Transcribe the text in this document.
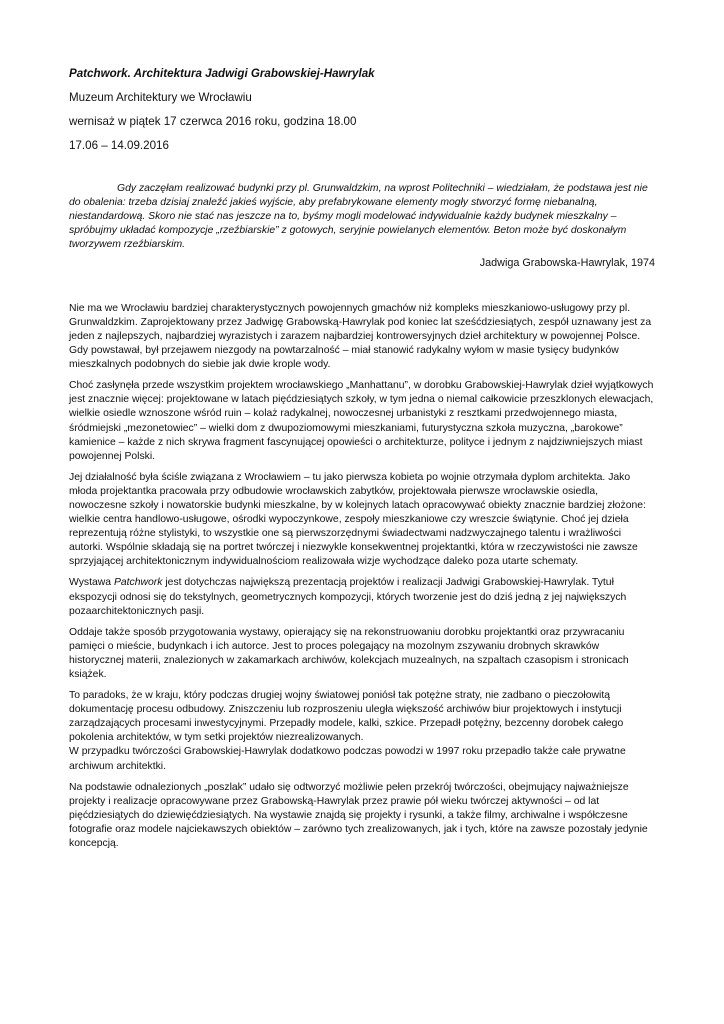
Patchwork. Architektura Jadwigi Grabowskiej-Hawrylak
Muzeum Architektury we Wrocławiu
wernisaż w piątek 17 czerwca 2016 roku, godzina 18.00
17.06 – 14.09.2016

Gdy zaczęłam realizować budynki przy pl. Grunwaldzkim, na wprost Politechniki – wiedziałam, że podstawa jest nie do obalenia: trzeba dzisiaj znaleźć jakieś wyjście, aby prefabrykowane elementy mogły stworzyć formę niebanalną, niestandardową. Skoro nie stać nas jeszcze na to, byśmy mogli modelować indywidualnie każdy budynek mieszkalny – spróbujmy układać kompozycje „rzeźbiarskie” z gotowych, seryjnie powielanych elementów. Beton może być doskonałym tworzywem rzeźbiarskim.

Jadwiga Grabowska-Hawrylak, 1974

Nie ma we Wrocławiu bardziej charakterystycznych powojennych gmachów niż kompleks mieszkaniowo-usługowy przy pl. Grunwaldzkim. Zaprojektowany przez Jadwigę Grabowską-Hawrylak pod koniec lat sześćdziesiątych, zespół uznawany jest za jeden z najlepszych, najbardziej wyrazistych i zarazem najbardziej kontrowersyjnych dzieł architektury w powojennej Polsce. Gdy powstawał, był przejawem niezgody na powtarzalność – miał stanowić radykalny wyłom w masie tysięcy budynków mieszkalnych podobnych do siebie jak dwie krople wody.

Choć zasłynęła przede wszystkim projektem wrocławskiego „Manhattanu”, w dorobku Grabowskiej-Hawrylak dzieł wyjątkowych jest znacznie więcej: projektowane w latach pięćdziesiątych szkoły, w tym jedna o niemal całkowicie przeszklonych elewacjach, wielkie osiedle wznoszone wśród ruin – kolaż radykalnej, nowoczesnej urbanistyki z resztkami przedwojennego miasta, śródmiejski „mezonetowiec” – wielki dom z dwupoziomowymi mieszkaniami, futurystyczna szkoła muzyczna, „barokowe” kamienice – każde z nich skrywa fragment fascynującej opowieści o architekturze, polityce i jednym z najdziwniejszych miast powojennej Polski.

Jej działalność była ściśle związana z Wrocławiem – tu jako pierwsza kobieta po wojnie otrzymała dyplom architekta. Jako młoda projektantka pracowała przy odbudowie wrocławskich zabytków, projektowała pierwsze wrocławskie osiedla, nowoczesne szkoły i nowatorskie budynki mieszkalne, by w kolejnych latach opracowywać obiekty znacznie bardziej złożone: wielkie centra handlowo-usługowe, ośrodki wypoczynkowe, zespoły mieszkaniowe czy wreszcie świątynie. Choć jej dzieła reprezentują różne stylistyki, to wszystkie one są pierwszorzędnymi świadectwami nadzwyczajnego talentu i wrażliwości autorki. Wspólnie składają się na portret twórczej i niezwykle konsekwentnej projektantki, która w rzeczywistości nie zawsze sprzyjającej architektonicznym indywidualnościom realizowała wizje wychodzące daleko poza utarte schematy.

Wystawa Patchwork jest dotychczas największą prezentacją projektów i realizacji Jadwigi Grabowskiej-Hawrylak. Tytuł ekspozycji odnosi się do tekstylnych, geometrycznych kompozycji, których tworzenie jest do dziś jedną z jej największych pozaarchitektonicznych pasji.

Oddaje także sposób przygotowania wystawy, opierający się na rekonstruowaniu dorobku projektantki oraz przywracaniu pamięci o mieście, budynkach i ich autorce. Jest to proces polegający na mozolnym zszywaniu drobnych skrawków historycznej materii, znalezionych w zakamarkach archiwów, kolekcjach muzealnych, na szpaltach czasopism i stronicach książek.

To paradoks, że w kraju, który podczas drugiej wojny światowej poniósł tak potężne straty, nie zadbano o pieczołowitą dokumentację procesu odbudowy. Zniszczeniu lub rozproszeniu uległa większość archiwów biur projektowych i instytucji zarządzających procesami inwestycyjnymi. Przepadły modele, kalki, szkice. Przepadł potężny, bezcenny dorobek całego pokolenia architektów, w tym setki projektów niezrealizowanych.

W przypadku twórczości Grabowskiej-Hawrylak dodatkowo podczas powodzi w 1997 roku przepadło także całe prywatne archiwum architektki.

Na podstawie odnalezionych „poszlak” udało się odtworzyć możliwie pełen przekrój twórczości, obejmujący najważniejsze projekty i realizacje opracowywane przez Grabowską-Hawrylak przez prawie pół wieku twórczej aktywności – od lat pięćdziesiątych do dziewięćdziesiątych. Na wystawie znajdą się projekty i rysunki, a także filmy, archiwalne i współczesne fotografie oraz modele najciekawszych obiektów – zarówno tych zrealizowanych, jak i tych, które na zawsze pozostały jedynie koncepcją.
